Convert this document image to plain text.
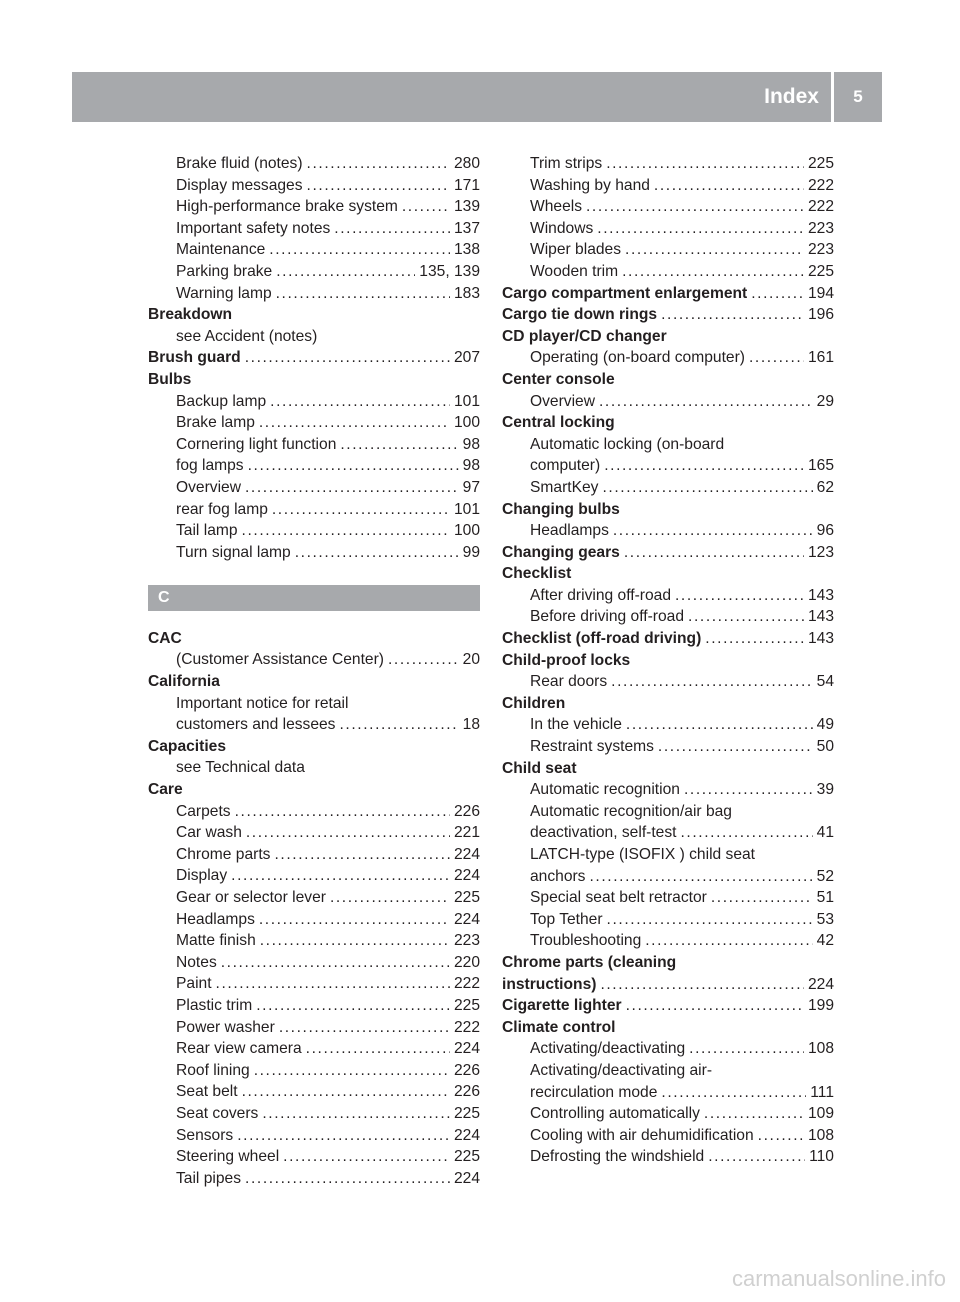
Index	5
Brake fluid (notes) .....	280
Display messages .....	171
High-performance brake system .....	139
Important safety notes .....	137
Maintenance .....	138
Parking brake .....	135, 139
Warning lamp .....	183
Breakdown
see Accident (notes)
Brush guard .....	207
Bulbs
Backup lamp .....	101
Brake lamp .....	100
Cornering light function .....	98
fog lamps .....	98
Overview .....	97
rear fog lamp .....	101
Tail lamp .....	100
Turn signal lamp .....	99
C
CAC
(Customer Assistance Center) .....	20
California
Important notice for retail
customers and lessees .....	18
Capacities
see Technical data
Care
Carpets .....	226
Car wash .....	221
Chrome parts .....	224
Display .....	224
Gear or selector lever .....	225
Headlamps .....	224
Matte finish .....	223
Notes .....	220
Paint .....	222
Plastic trim .....	225
Power washer .....	222
Rear view camera .....	224
Roof lining .....	226
Seat belt .....	226
Seat covers .....	225
Sensors .....	224
Steering wheel .....	225
Tail pipes .....	224
Trim strips .....	225
Washing by hand .....	222
Wheels .....	222
Windows .....	223
Wiper blades .....	223
Wooden trim .....	225
Cargo compartment enlargement .....	194
Cargo tie down rings .....	196
CD player/CD changer
Operating (on-board computer) .....	161
Center console
Overview .....	29
Central locking
Automatic locking (on-board
computer) .....	165
SmartKey .....	62
Changing bulbs
Headlamps .....	96
Changing gears .....	123
Checklist
After driving off-road .....	143
Before driving off-road .....	143
Checklist (off-road driving) .....	143
Child-proof locks
Rear doors .....	54
Children
In the vehicle .....	49
Restraint systems .....	50
Child seat
Automatic recognition .....	39
Automatic recognition/air bag
deactivation, self-test .....	41
LATCH-type (ISOFIX ) child seat
anchors .....	52
Special seat belt retractor .....	51
Top Tether .....	53
Troubleshooting .....	42
Chrome parts (cleaning
instructions) .....	224
Cigarette lighter .....	199
Climate control
Activating/deactivating .....	108
Activating/deactivating air-
recirculation mode .....	111
Controlling automatically .....	109
Cooling with air dehumidification .....	108
Defrosting the windshield .....	110
carmanualsonline.info
